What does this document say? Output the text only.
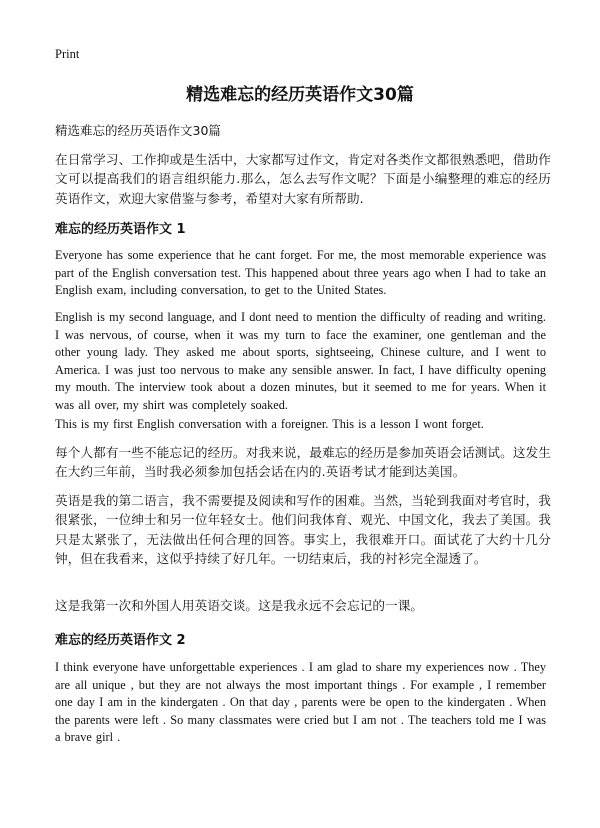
Print
精选难忘的经历英语作文30篇
精选难忘的经历英语作文30篇
在日常学习、工作抑或是生活中，大家都写过作文，肯定对各类作文都很熟悉吧，借助作文可以提高我们的语言组织能力.那么，怎么去写作文呢？下面是小编整理的难忘的经历英语作文，欢迎大家借鉴与参考，希望对大家有所帮助.
难忘的经历英语作文 1
Everyone has some experience that he cant forget. For me, the most memorable experience was part of the English conversation test. This happened about three years ago when I had to take an English exam, including conversation, to get to the United States.
English is my second language, and I dont need to mention the difficulty of reading and writing. I was nervous, of course, when it was my turn to face the examiner, one gentleman and the other young lady. They asked me about sports, sightseeing, Chinese culture, and I went to America. I was just too nervous to make any sensible answer. In fact, I have difficulty opening my mouth. The interview took about a dozen minutes, but it seemed to me for years. When it was all over, my shirt was completely soaked.
This is my first English conversation with a foreigner. This is a lesson I wont forget.
每个人都有一些不能忘记的经历。对我来说，最难忘的经历是参加英语会话测试。这发生在大约三年前，当时我必须参加包括会话在内的.英语考试才能到达美国。
英语是我的第二语言，我不需要提及阅读和写作的困难。当然，当轮到我面对考官时，我很紧张，一位绅士和另一位年轻女士。他们问我体育、观光、中国文化，我去了美国。我只是太紧张了，无法做出任何合理的回答。事实上，我很难开口。面试花了大约十几分钟，但在我看来，这似乎持续了好几年。一切结束后，我的衬衫完全湿透了。
这是我第一次和外国人用英语交谈。这是我永远不会忘记的一课。
难忘的经历英语作文 2
I think everyone have unforgettable experiences . I am glad to share my experiences now . They are all unique , but they are not always the most important things . For example , I remember one day I am in the kindergaten . On that day , parents were be open to the kindergaten . When the parents were left . So many classmates were cried but I am not . The teachers told me I was a brave girl .
